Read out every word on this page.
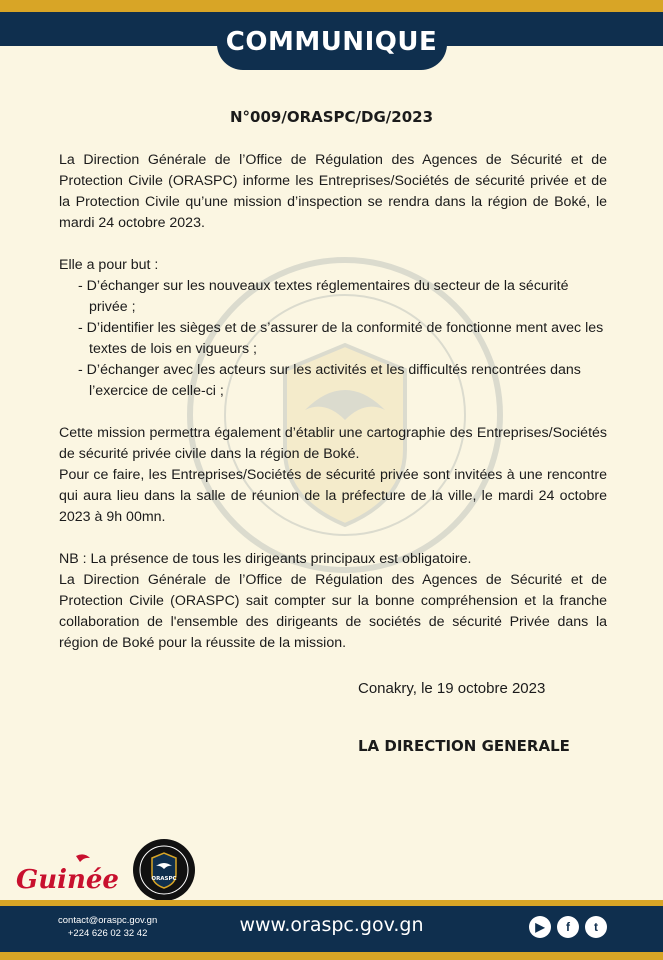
COMMUNIQUE
N°009/ORASPC/DG/2023

La Direction Générale de l’Office de Régulation des Agences de Sécurité et de Protection Civile (ORASPC) informe les Entreprises/Sociétés de sécurité privée et de la Protection Civile qu’une mission d’inspection se rendra dans la région de Boké, le mardi 24 octobre 2023.

Elle a pour but :

- D’échanger sur les nouveaux textes réglementaires du secteur de la sécurité privée ;
- D’identifier les sièges et de s’assurer de la conformité de fonctionne ment avec les textes de lois en vigueurs ;
- D’échanger avec les acteurs sur les activités et les difficultés rencontrées dans l’exercice de celle-ci ;

Cette mission permettra également d’établir une cartographie des Entreprises/Sociétés de sécurité privée civile dans la région de Boké.

Pour ce faire, les Entreprises/Sociétés de sécurité privée sont invitées à une rencontre qui aura lieu dans la salle de réunion de la préfecture de la ville, le mardi 24 octobre 2023 à 9h 00mn.

NB : La présence de tous les dirigeants principaux est obligatoire.

La Direction Générale de l’Office de Régulation des Agences de Sécurité et de Protection Civile (ORASPC) sait compter sur la bonne compréhension et la franche collaboration de l'ensemble des dirigeants de sociétés de sécurité Privée dans la région de Boké pour la réussite de la mission.

Conakry, le 19 octobre 2023
LA DIRECTION GENERALE
Guinée	ORASPC
contact@oraspc.gov.gn
+224 626 02 32 42	www.oraspc.gov.gn	▶	f	t
